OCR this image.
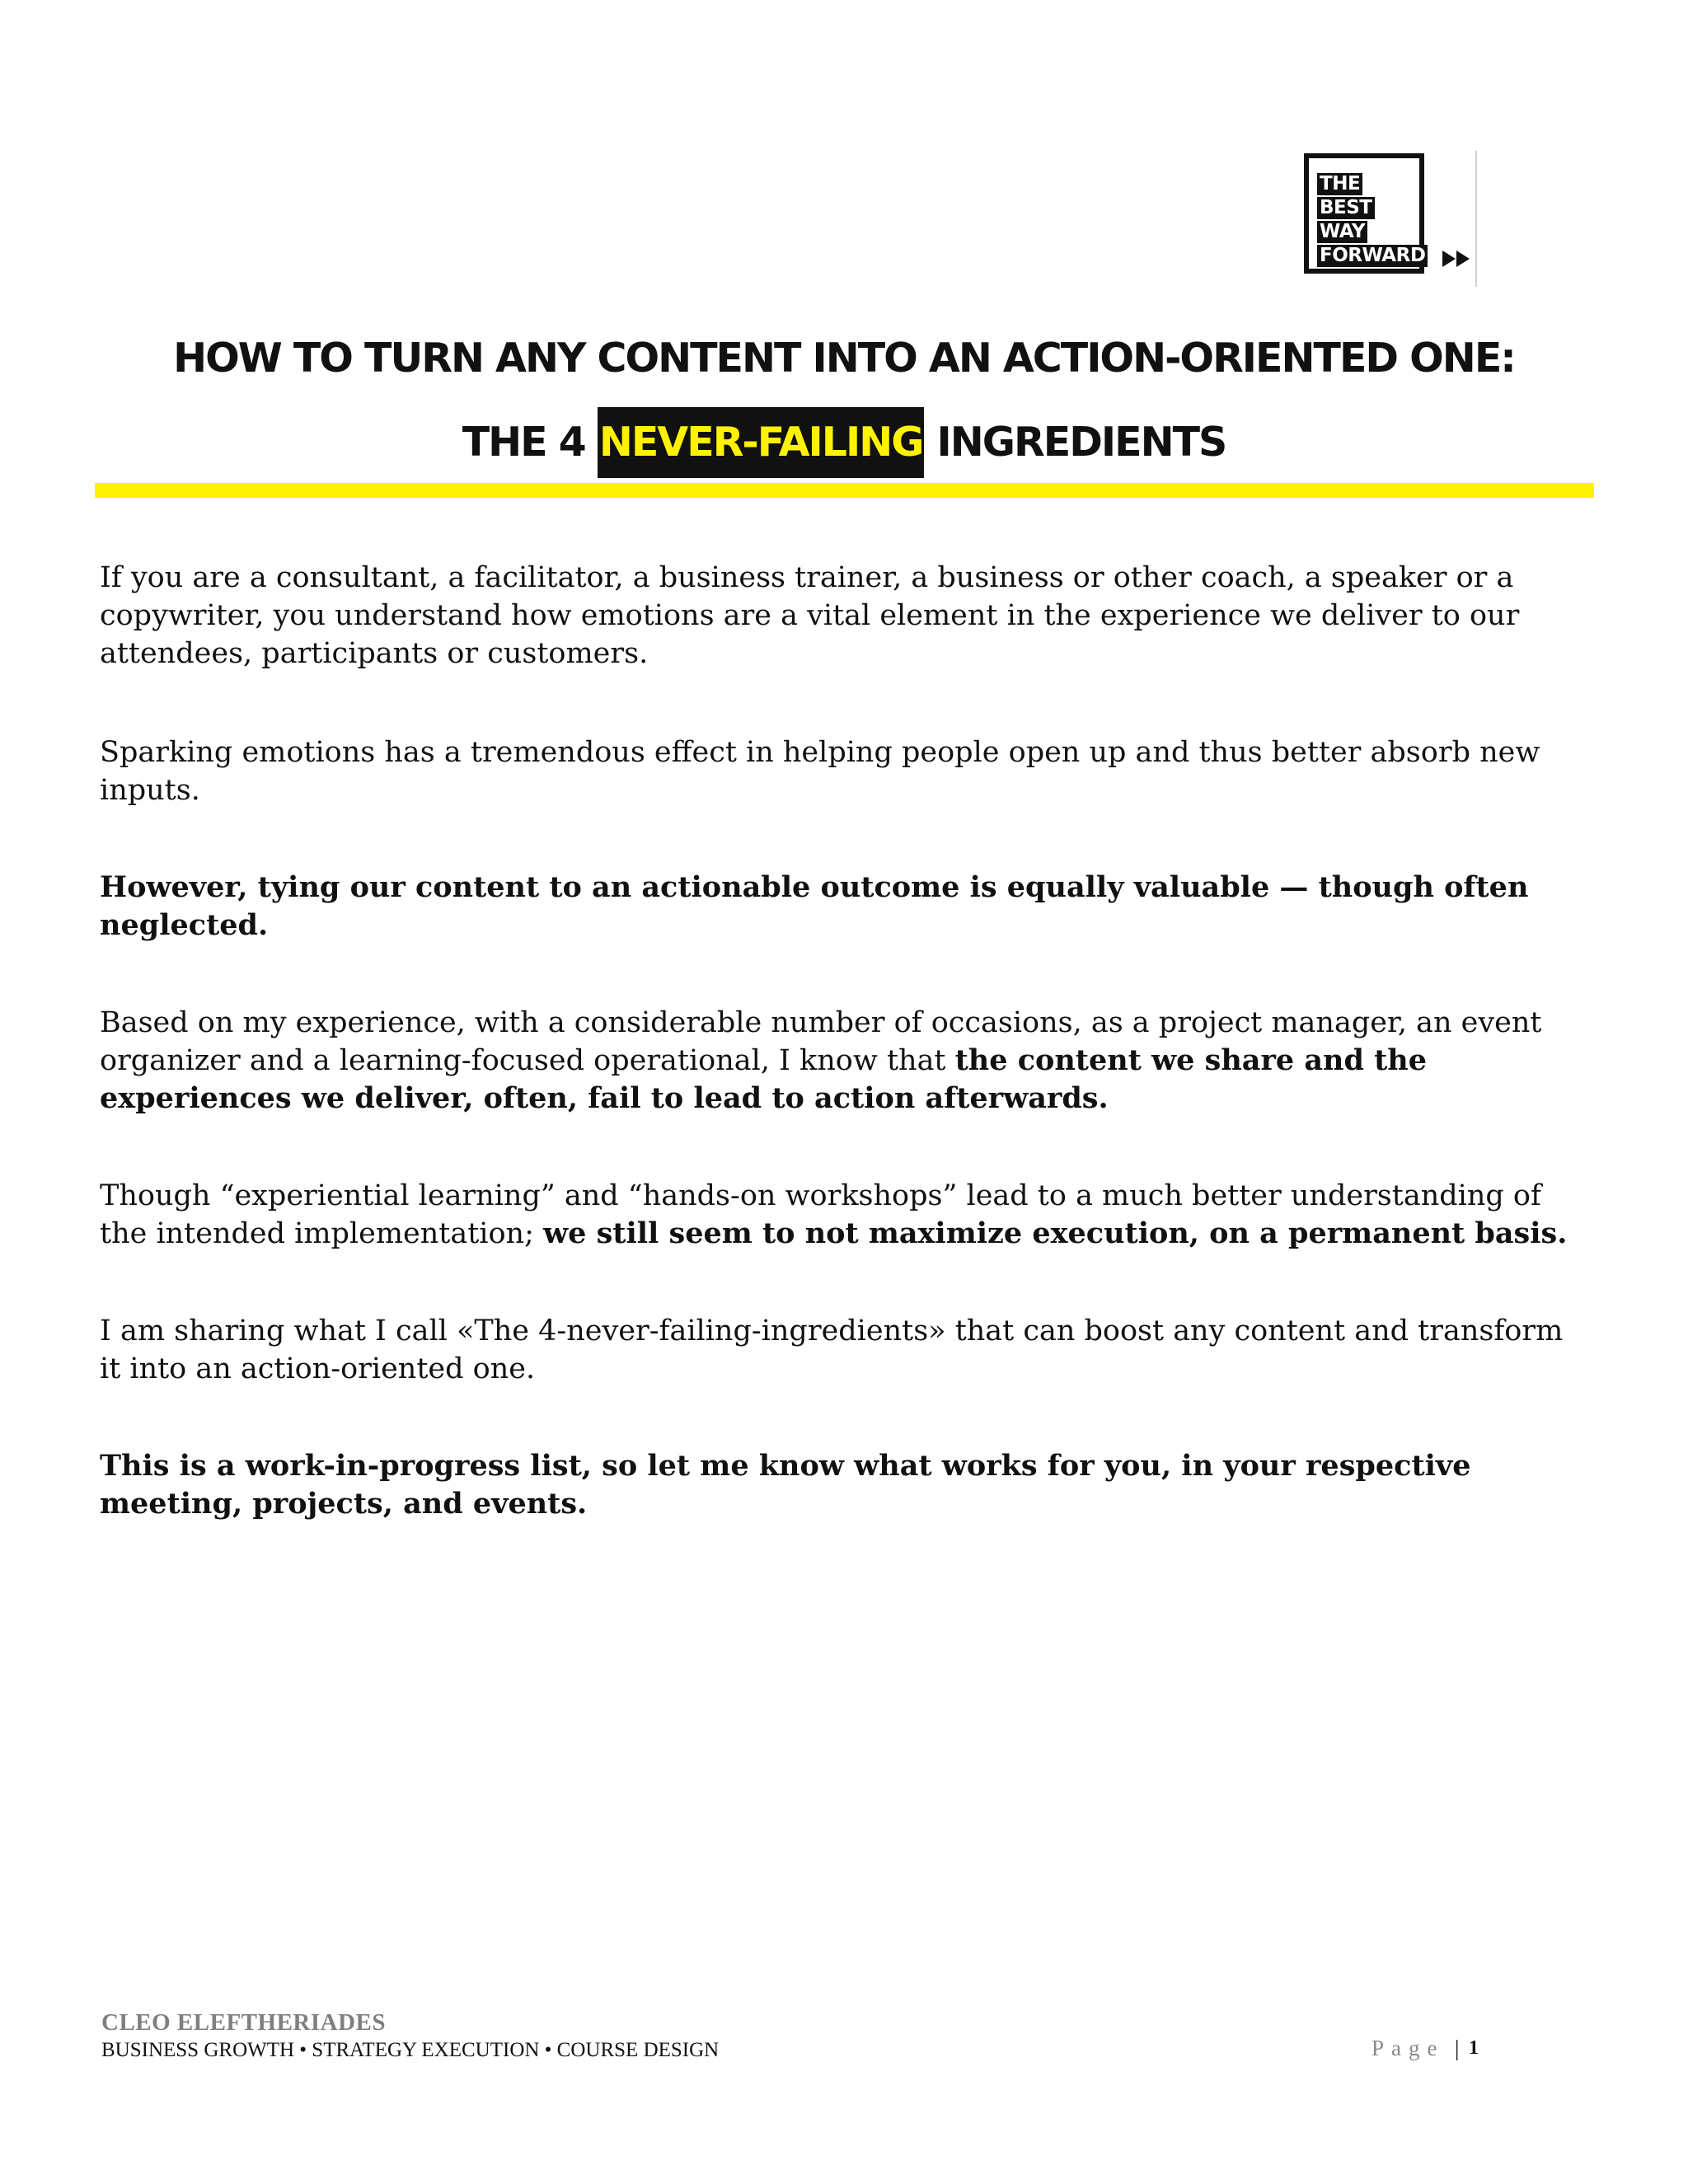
THE
BEST
WAY
FORWARD
HOW TO TURN ANY CONTENT INTO AN ACTION-ORIENTED ONE:
THE 4 NEVER-FAILING INGREDIENTS
If you are a consultant, a facilitator, a business trainer, a business or other coach, a speaker or a copywriter, you understand how emotions are a vital element in the experience we deliver to our attendees, participants or customers.
Sparking emotions has a tremendous effect in helping people open up and thus better absorb new inputs.
However, tying our content to an actionable outcome is equally valuable — though often neglected.
Based on my experience, with a considerable number of occasions, as a project manager, an event organizer and a learning-focused operational, I know that the content we share and the experiences we deliver, often, fail to lead to action afterwards.
Though “experiential learning” and “hands-on workshops” lead to a much better understanding of the intended implementation; we still seem to not maximize execution, on a permanent basis.
I am sharing what I call «The 4-never-failing-ingredients» that can boost any content and transform it into an action-oriented one.
This is a work-in-progress list, so let me know what works for you, in your respective meeting, projects, and events.
CLEO ELEFTHERIADES
BUSINESS GROWTH • STRATEGY EXECUTION • COURSE DESIGN	Page | 1
